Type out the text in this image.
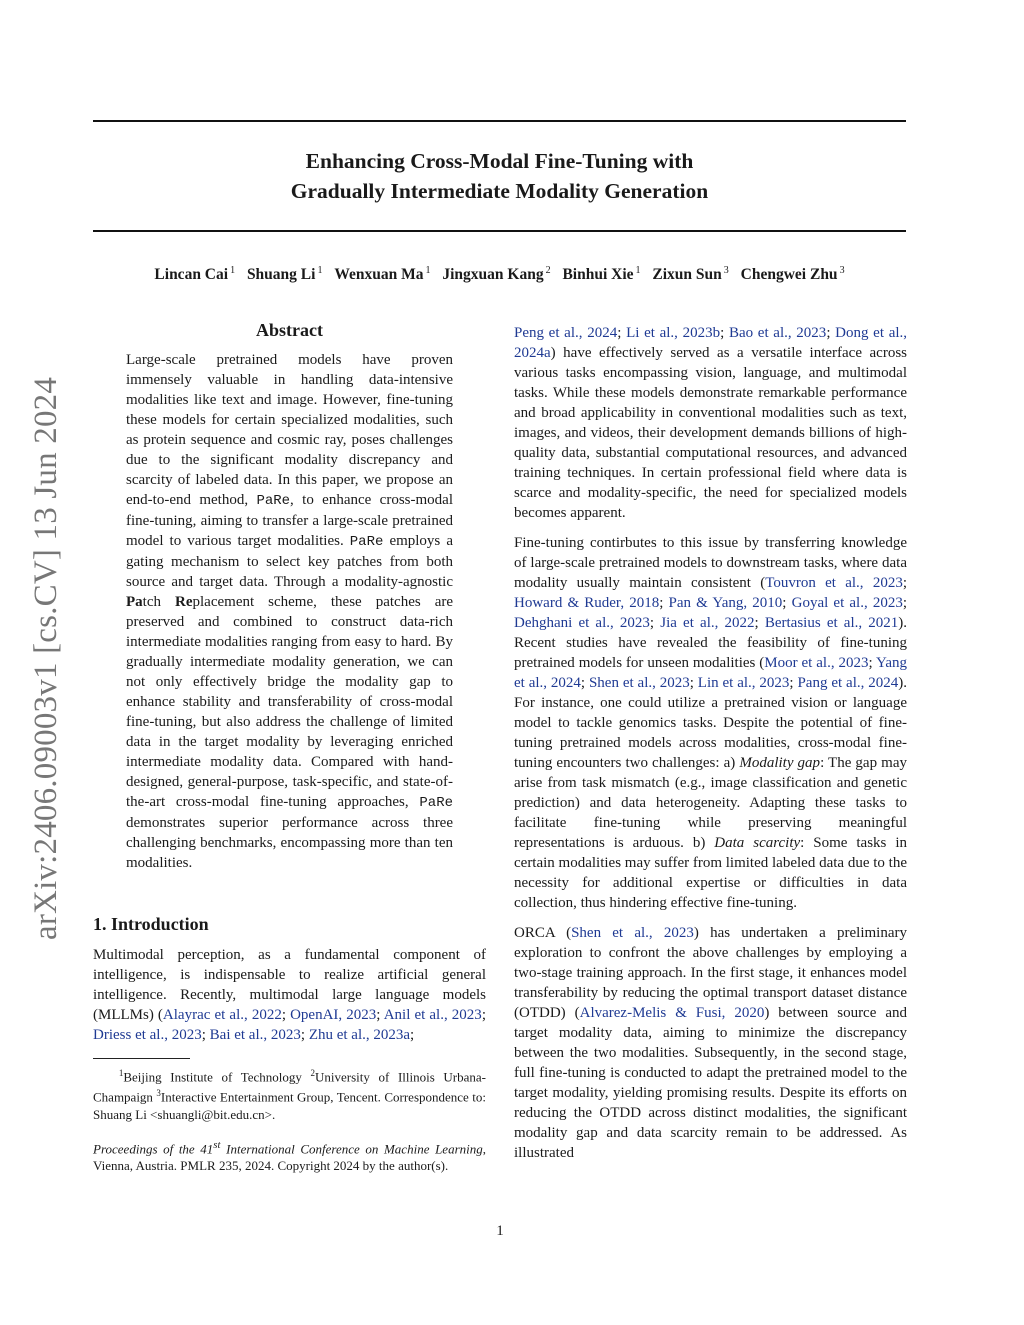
Enhancing Cross-Modal Fine-Tuning with
Gradually Intermediate Modality Generation
Lincan Cai $^1$ Shuang Li $^1$ Wenxuan Ma $^1$ Jingxuan Kang $^2$ Binhui Xie $^1$ Zixun Sun $^3$ Chengwei Zhu $^3$
arXiv:2406.09003v1 [cs.CV] 13 Jun 2024
Abstract

Large-scale pretrained models have proven immensely valuable in handling data-intensive modalities like text and image. However, fine-tuning these models for certain specialized modalities, such as protein sequence and cosmic ray, poses challenges due to the significant modality discrepancy and scarcity of labeled data. In this paper, we propose an end-to-end method, PaRe, to enhance cross-modal fine-tuning, aiming to transfer a large-scale pretrained model to various target modalities. PaRe employs a gating mechanism to select key patches from both source and target data. Through a modality-agnostic Patch Replacement scheme, these patches are preserved and combined to construct data-rich intermediate modalities ranging from easy to hard. By gradually intermediate modality generation, we can not only effectively bridge the modality gap to enhance stability and transferability of cross-modal fine-tuning, but also address the challenge of limited data in the target modality by leveraging enriched intermediate modality data. Compared with hand-designed, general-purpose, task-specific, and state-of-the-art cross-modal fine-tuning approaches, PaRe demonstrates superior performance across three challenging benchmarks, encompassing more than ten modalities.

1. Introduction

Multimodal perception, as a fundamental component of intelligence, is indispensable to realize artificial general intelligence. Recently, multimodal large language models (MLLMs) (Alayrac et al., 2022; OpenAI, 2023; Anil et al., 2023; Driess et al., 2023; Bai et al., 2023; Zhu et al., 2023a;

$^1$Beijing Institute of Technology $^2$University of Illinois Urbana-Champaign $^3$Interactive Entertainment Group, Tencent. Correspondence to: Shuang Li <shuangli@bit.edu.cn>.

Proceedings of the 41st International Conference on Machine Learning, Vienna, Austria. PMLR 235, 2024. Copyright 2024 by the author(s).

Peng et al., 2024; Li et al., 2023b; Bao et al., 2023; Dong et al., 2024a) have effectively served as a versatile interface across various tasks encompassing vision, language, and multimodal tasks. While these models demonstrate remarkable performance and broad applicability in conventional modalities such as text, images, and videos, their development demands billions of high-quality data, substantial computational resources, and advanced training techniques. In certain professional field where data is scarce and modality-specific, the need for specialized models becomes apparent.

Fine-tuning contirbutes to this issue by transferring knowledge of large-scale pretrained models to downstream tasks, where data modality usually maintain consistent (Touvron et al., 2023; Howard & Ruder, 2018; Pan & Yang, 2010; Goyal et al., 2023; Dehghani et al., 2023; Jia et al., 2022; Bertasius et al., 2021). Recent studies have revealed the feasibility of fine-tuning pretrained models for unseen modalities (Moor et al., 2023; Yang et al., 2024; Shen et al., 2023; Lin et al., 2023; Pang et al., 2024). For instance, one could utilize a pretrained vision or language model to tackle genomics tasks. Despite the potential of fine-tuning pretrained models across modalities, cross-modal fine-tuning encounters two challenges: a) Modality gap: The gap may arise from task mismatch (e.g., image classification and genetic prediction) and data heterogeneity. Adapting these tasks to facilitate fine-tuning while preserving meaningful representations is arduous. b) Data scarcity: Some tasks in certain modalities may suffer from limited labeled data due to the necessity for additional expertise or difficulties in data collection, thus hindering effective fine-tuning.

ORCA (Shen et al., 2023) has undertaken a preliminary exploration to confront the above challenges by employing a two-stage training approach. In the first stage, it enhances model transferability by reducing the optimal transport dataset distance (OTDD) (Alvarez-Melis & Fusi, 2020) between source and target modality data, aiming to minimize the discrepancy between the two modalities. Subsequently, in the second stage, full fine-tuning is conducted to adapt the pretrained model to the target modality, yielding promising results. Despite its efforts on reducing the OTDD across distinct modalities, the significant modality gap and data scarcity remain to be addressed. As illustrated

1
